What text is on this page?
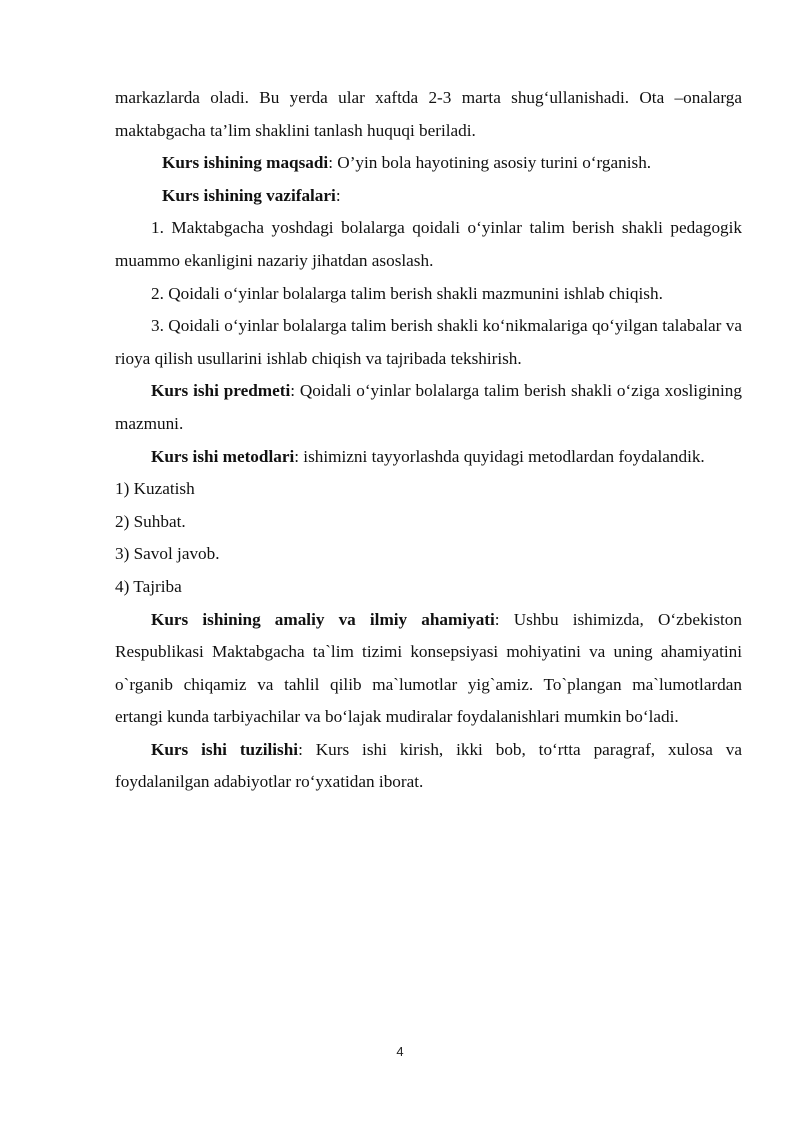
markazlarda oladi. Bu yerda ular xaftda 2-3 marta shug‘ullanishadi. Ota –onalarga maktabgacha ta’lim shaklini tanlash huquqi beriladi.

Kurs ishining maqsadi: O’yin bola hayotining asosiy turini o‘rganish.

Kurs ishining vazifalari:

1. Maktabgacha yoshdagi bolalarga qoidali o‘yinlar talim berish shakli pedagogik muammo ekanligini nazariy jihatdan asoslash.

2. Qoidali o‘yinlar bolalarga talim berish shakli mazmunini ishlab chiqish.

3. Qoidali o‘yinlar bolalarga talim berish shakli ko‘nikmalariga qo‘yilgan talabalar va rioya qilish usullarini ishlab chiqish va tajribada tekshirish.

Kurs ishi predmeti: Qoidali o‘yinlar bolalarga talim berish shakli o‘ziga xosligining mazmuni.

Kurs ishi metodlari: ishimizni tayyorlashda quyidagi metodlardan foydalandik.

1) Kuzatish

2) Suhbat.

3) Savol javob.

4) Tajriba

Kurs ishining amaliy va ilmiy ahamiyati: Ushbu ishimizda, O‘zbekiston Respublikasi Maktabgacha ta`lim tizimi konsepsiyasi mohiyatini va uning ahamiyatini o`rganib chiqamiz va tahlil qilib ma`lumotlar yig`amiz. To`plangan ma`lumotlardan ertangi kunda tarbiyachilar va bo‘lajak mudiralar foydalanishlari mumkin bo‘ladi.

Kurs ishi tuzilishi: Kurs ishi kirish, ikki bob, to‘rtta paragraf, xulosa va foydalanilgan adabiyotlar ro‘yxatidan iborat.

4
